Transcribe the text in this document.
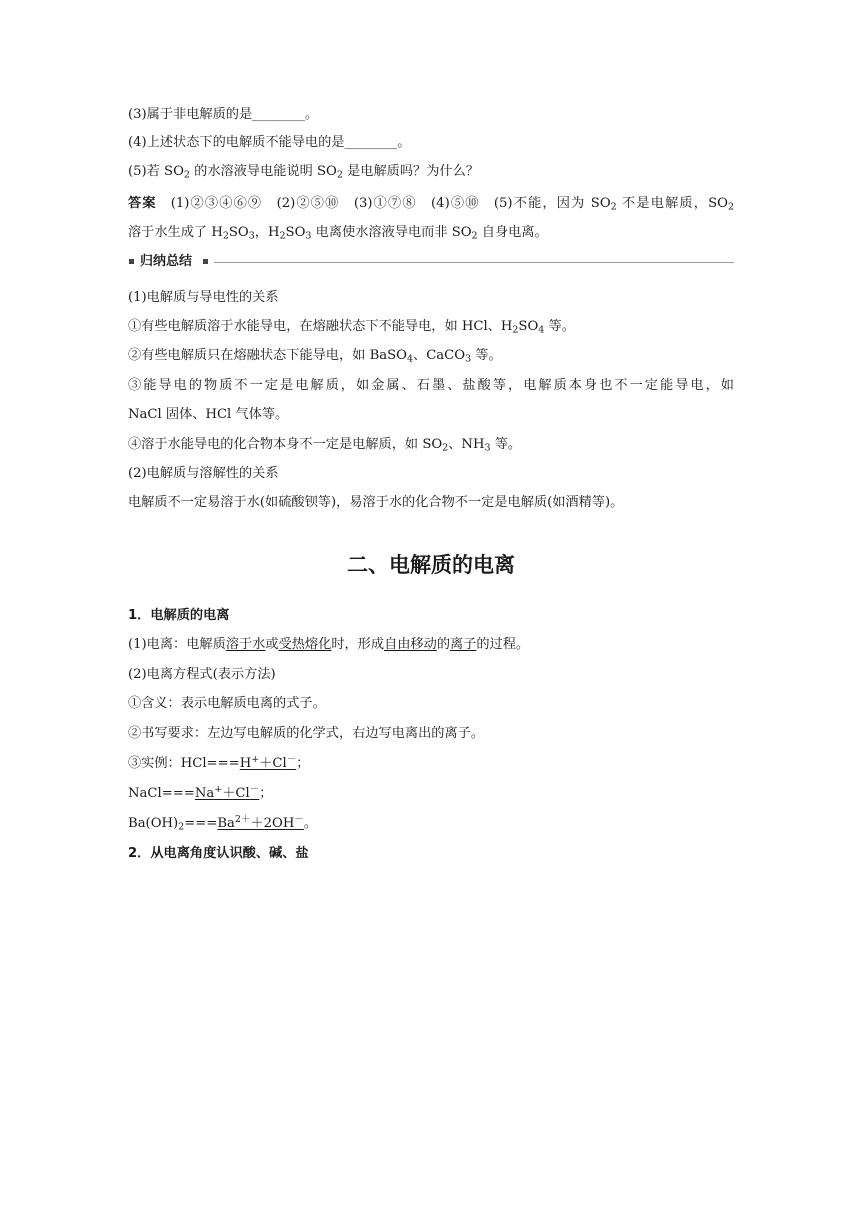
(3)属于非电解质的是________。
(4)上述状态下的电解质不能导电的是________。
(5)若 $SO_2$ 的水溶液导电能说明 $SO_2$ 是电解质吗？为什么？
答案 (1)②③④⑥⑨　(2)②⑤⑩　(3)①⑦⑧　(4)⑤⑩　(5)不能，因为 $SO_2$ 不是电解质，$SO_2$
溶于水生成了 $H_2SO_3$，$H_2SO_3$ 电离使水溶液导电而非 $SO_2$ 自身电离。
归纳总结
(1)电解质与导电性的关系
①有些电解质溶于水能导电，在熔融状态下不能导电，如 HCl、$H_2SO_4$ 等。
②有些电解质只在熔融状态下能导电，如 BaSO$_4$、CaCO$_3$ 等。
③能导电的物质不一定是电解质，如金属、石墨、盐酸等，电解质本身也不一定能导电，如
NaCl 固体、HCl 气体等。
④溶于水能导电的化合物本身不一定是电解质，如 $SO_2$、$NH_3$ 等。
(2)电解质与溶解性的关系
电解质不一定易溶于水(如硫酸钡等)，易溶于水的化合物不一定是电解质(如酒精等)。
二、电解质的电离
1．电解质的电离
(1)电离：电解质溶于水或受热熔化时，形成自由移动的离子的过程。
(2)电离方程式(表示方法)
①含义：表示电解质电离的式子。
②书写要求：左边写电解质的化学式，右边写电离出的离子。
③实例：HCl===H+＋Cl－；
NaCl===Na+＋Cl－；
$Ba(OH)_2===Ba^{2+}+2OH^-$。
2．从电离角度认识酸、碱、盐
